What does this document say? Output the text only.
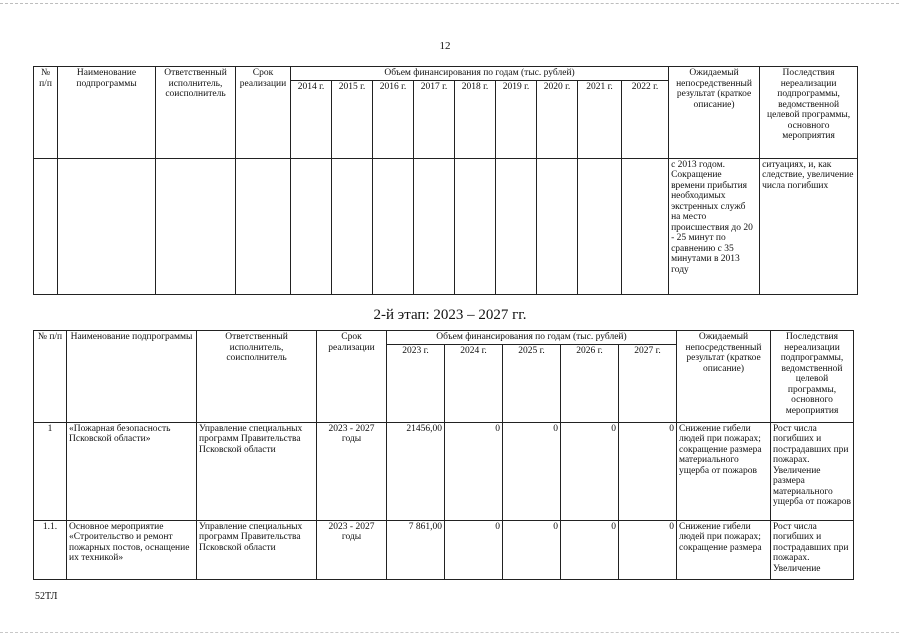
12
№ п/п	Наименование подпрограммы	Ответственный исполнитель, соисполнитель	Срок реализации	Объем финансирования по годам (тыс. рублей)									Ожидаемый непосредственный результат (краткое описание)	Последствия нереализации подпрограммы, ведомственной целевой программы, основного мероприятия
				2014 г.	2015 г.	2016 г.	2017 г.	2018 г.	2019 г.	2020 г.	2021 г.	2022 г.		
													с 2013 годом. Сокращение времени прибытия необходимых экстренных служб на место происшествия до 20 - 25 минут по сравнению с 35 минутами в 2013 году	ситуациях, и, как следствие, увеличение числа погибших
2-й этап: 2023 – 2027 гг.
№ п/п	Наименование подпрограммы	Ответственный исполнитель, соисполнитель	Срок реализации	Объем финансирования по годам (тыс. рублей)					Ожидаемый непосредственный результат (краткое описание)	Последствия нереализации подпрограммы, ведомственной целевой программы, основного мероприятия
				2023 г.	2024 г.	2025 г.	2026 г.	2027 г.		
1	«Пожарная безопасность Псковской области»	Управление специальных программ Правительства Псковской области	2023 - 2027 годы	21456,00	0	0	0	0	Снижение гибели людей при пожарах; сокращение размера материального ущерба от пожаров	Рост числа погибших и пострадавших при пожарах. Увеличение размера материального ущерба от пожаров
1.1.	Основное мероприятие «Строительство и ремонт пожарных постов, оснащение их техникой»	Управление специальных программ Правительства Псковской области	2023 - 2027 годы	7 861,00	0	0	0	0	Снижение гибели людей при пожарах; сокращение размера	Рост числа погибших и пострадавших при пожарах. Увеличение
52ТЛ
